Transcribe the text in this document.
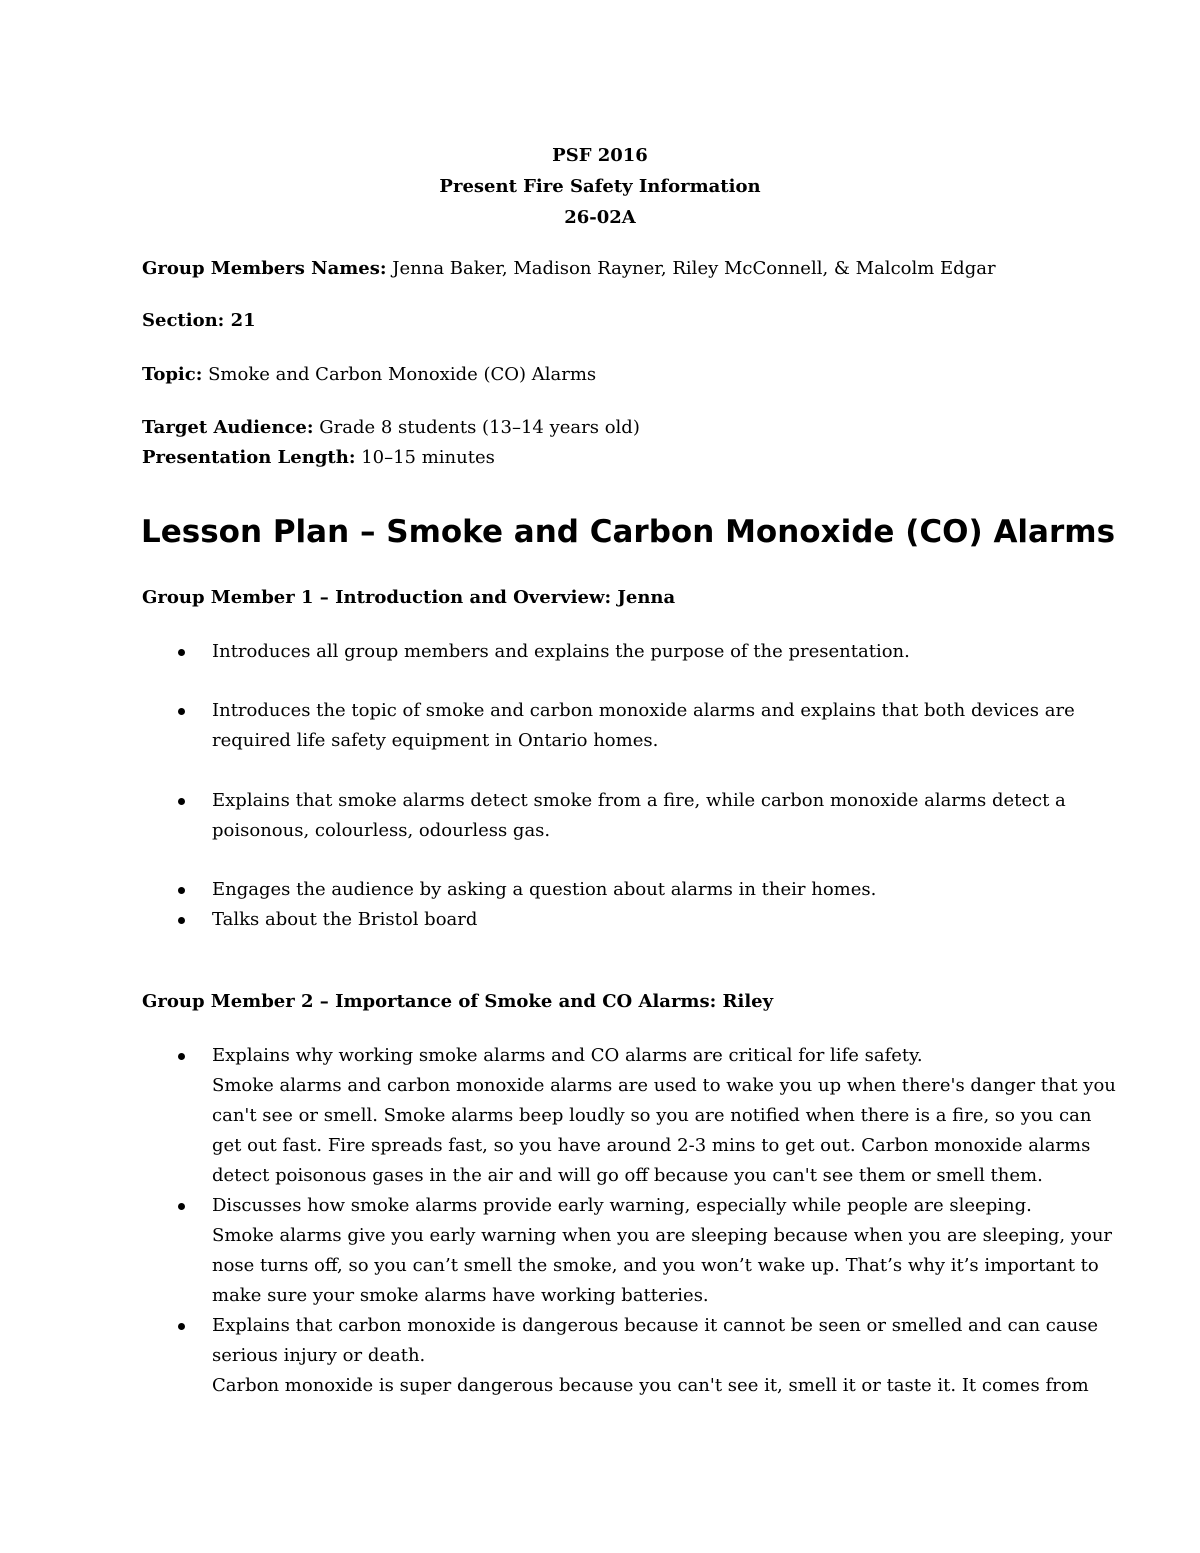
PSF 2016
Present Fire Safety Information
26-02A
Group Members Names: Jenna Baker, Madison Rayner, Riley McConnell, & Malcolm Edgar
Section: 21
Topic: Smoke and Carbon Monoxide (CO) Alarms
Target Audience: Grade 8 students (13–14 years old)
Presentation Length: 10–15 minutes
Lesson Plan – Smoke and Carbon Monoxide (CO) Alarms
Group Member 1 – Introduction and Overview: Jenna
Introduces all group members and explains the purpose of the presentation.
Introduces the topic of smoke and carbon monoxide alarms and explains that both devices are
required life safety equipment in Ontario homes.
Explains that smoke alarms detect smoke from a fire, while carbon monoxide alarms detect a
poisonous, colourless, odourless gas.
Engages the audience by asking a question about alarms in their homes.
Talks about the Bristol board
Group Member 2 – Importance of Smoke and CO Alarms: Riley
Explains why working smoke alarms and CO alarms are critical for life safety.
Smoke alarms and carbon monoxide alarms are used to wake you up when there's danger that you
can't see or smell. Smoke alarms beep loudly so you are notified when there is a fire, so you can
get out fast. Fire spreads fast, so you have around 2-3 mins to get out. Carbon monoxide alarms
detect poisonous gases in the air and will go off because you can't see them or smell them.
Discusses how smoke alarms provide early warning, especially while people are sleeping.
Smoke alarms give you early warning when you are sleeping because when you are sleeping, your
nose turns off, so you can’t smell the smoke, and you won’t wake up. That’s why it’s important to
make sure your smoke alarms have working batteries.
Explains that carbon monoxide is dangerous because it cannot be seen or smelled and can cause
serious injury or death.
Carbon monoxide is super dangerous because you can't see it, smell it or taste it. It comes from
